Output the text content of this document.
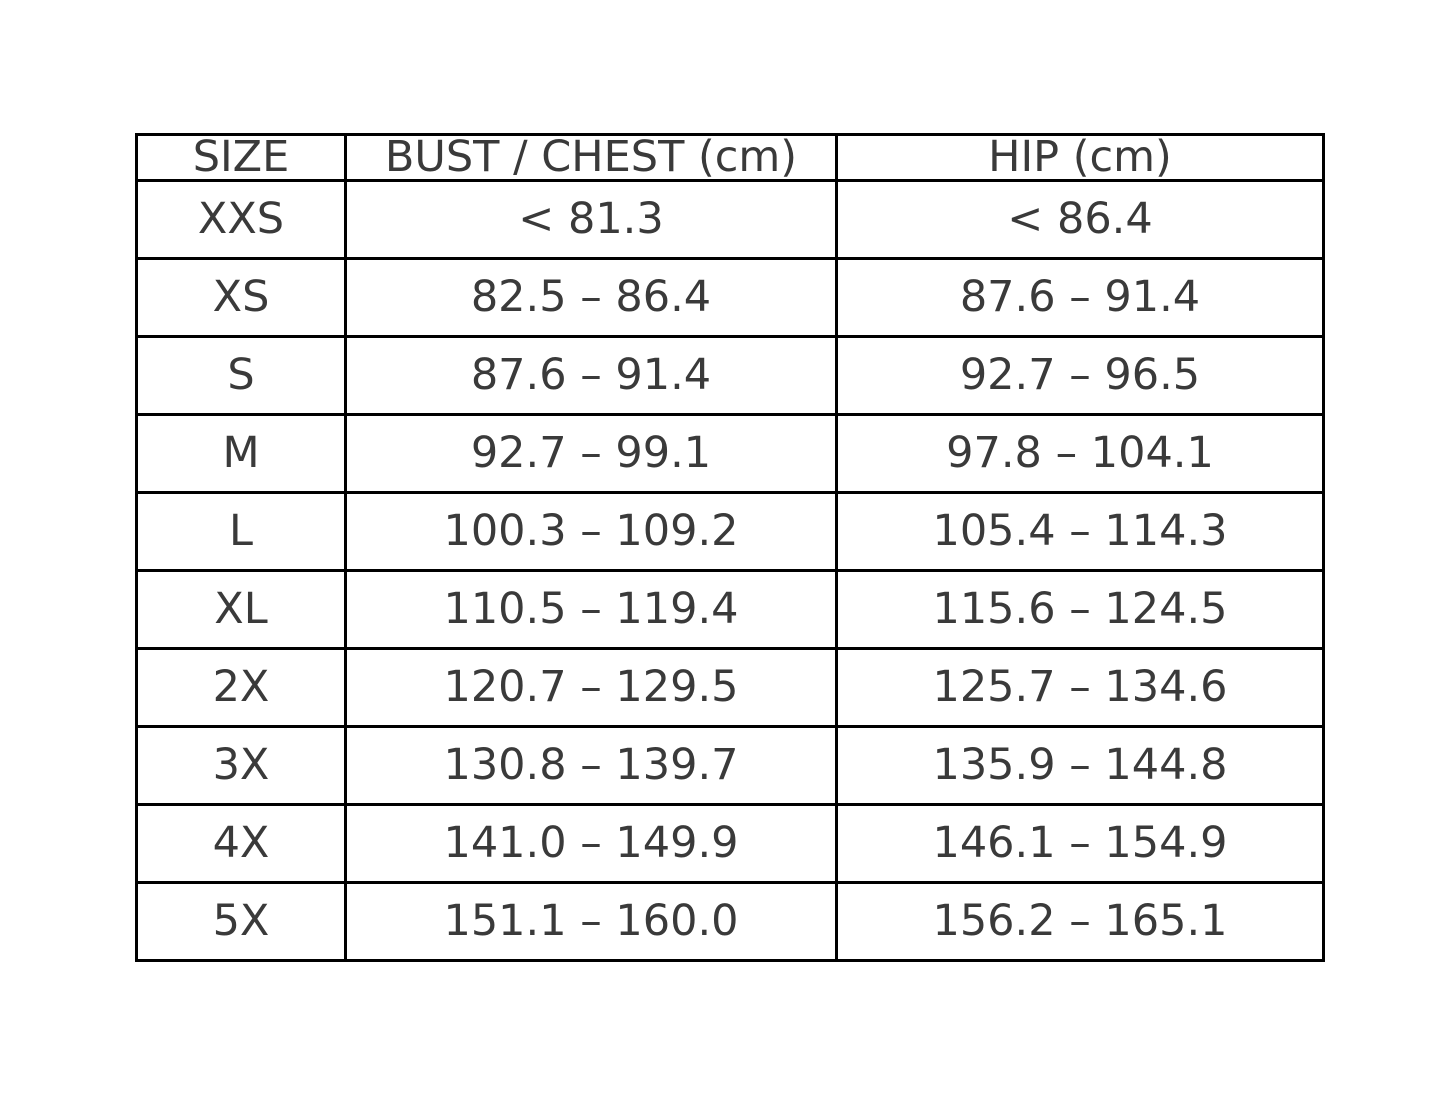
SIZE	BUST / CHEST (cm)	HIP (cm)
XXS	< 81.3	< 86.4
XS	82.5 – 86.4	87.6 – 91.4
S	87.6 – 91.4	92.7 – 96.5
M	92.7 – 99.1	97.8 – 104.1
L	100.3 – 109.2	105.4 – 114.3
XL	110.5 – 119.4	115.6 – 124.5
2X	120.7 – 129.5	125.7 – 134.6
3X	130.8 – 139.7	135.9 – 144.8
4X	141.0 – 149.9	146.1 – 154.9
5X	151.1 – 160.0	156.2 – 165.1
